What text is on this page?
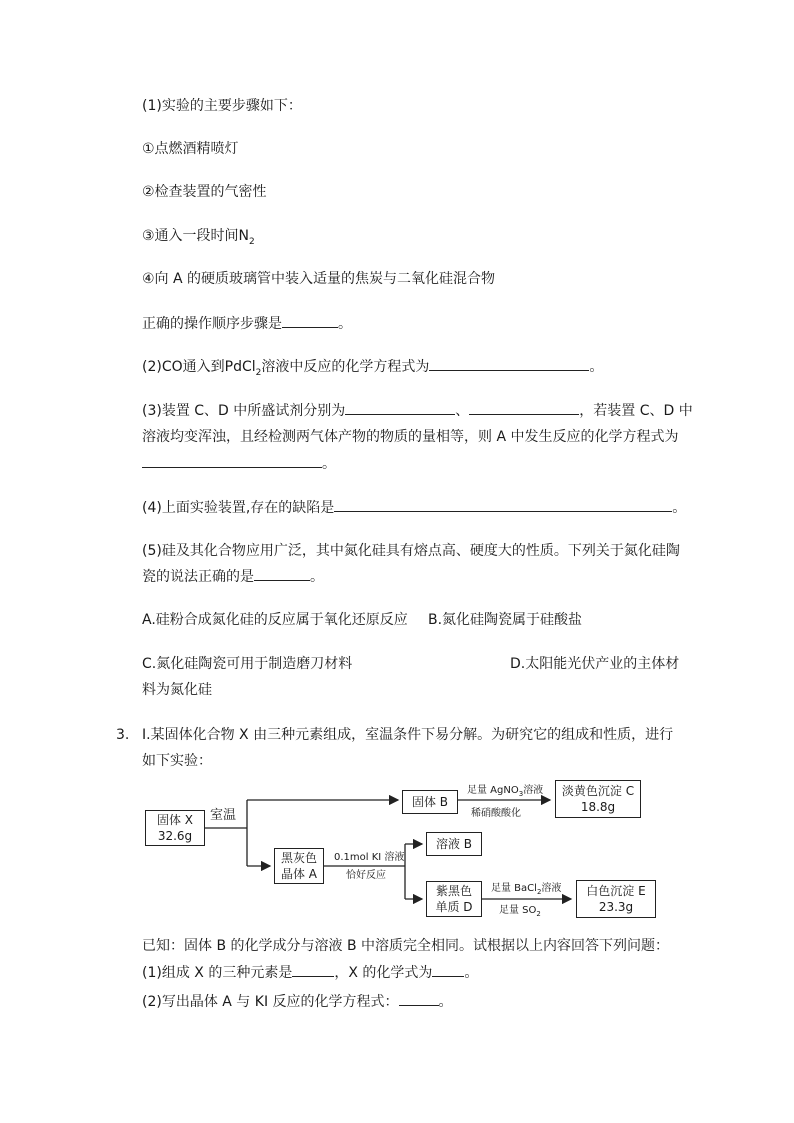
(1)实验的主要步骤如下：
①点燃酒精喷灯
②检查装置的气密性
③通入一段时间$N_2$
④向 A 的硬质玻璃管中装入适量的焦炭与二氧化硅混合物
正确的操作顺序步骤是	。
(2)CO通入到PdCl$_2$溶液中反应的化学方程式为	。
(3)装置 C、D 中所盛试剂分别为	、	，若装置 C、D 中
溶液均变浑浊，且经检测两气体产物的物质的量相等，则 A 中发生反应的化学方程式为
。
(4)上面实验装置,存在的缺陷是	。
(5)硅及其化合物应用广泛，其中氮化硅具有熔点高、硬度大的性质。下列关于氮化硅陶
瓷的说法正确的是	。
A.硅粉合成氮化硅的反应属于氧化还原反应 B.氮化硅陶瓷属于硅酸盐
C.氮化硅陶瓷可用于制造磨刀材料	D.太阳能光伏产业的主体材
料为氮化硅
3. Ⅰ.某固体化合物 X 由三种元素组成，室温条件下易分解。为研究它的组成和性质，进行
如下实验：
固体 X
32.6g
室温
固体 B
足量 AgNO$_3$溶液
稀硝酸酸化
淡黄色沉淀 C
18.8g
黑灰色
晶体 A
0.1mol KI 溶液
恰好反应
溶液 B
紫黑色
单质 D
足量 BaCl$_2$溶液
足量 $SO_2$
白色沉淀 E
23.3g
已知：固体 B 的化学成分与溶液 B 中溶质完全相同。试根据以上内容回答下列问题：
(1)组成 X 的三种元素是	，X 的化学式为 。
(2)写出晶体 A 与 KI 反应的化学方程式：	。
